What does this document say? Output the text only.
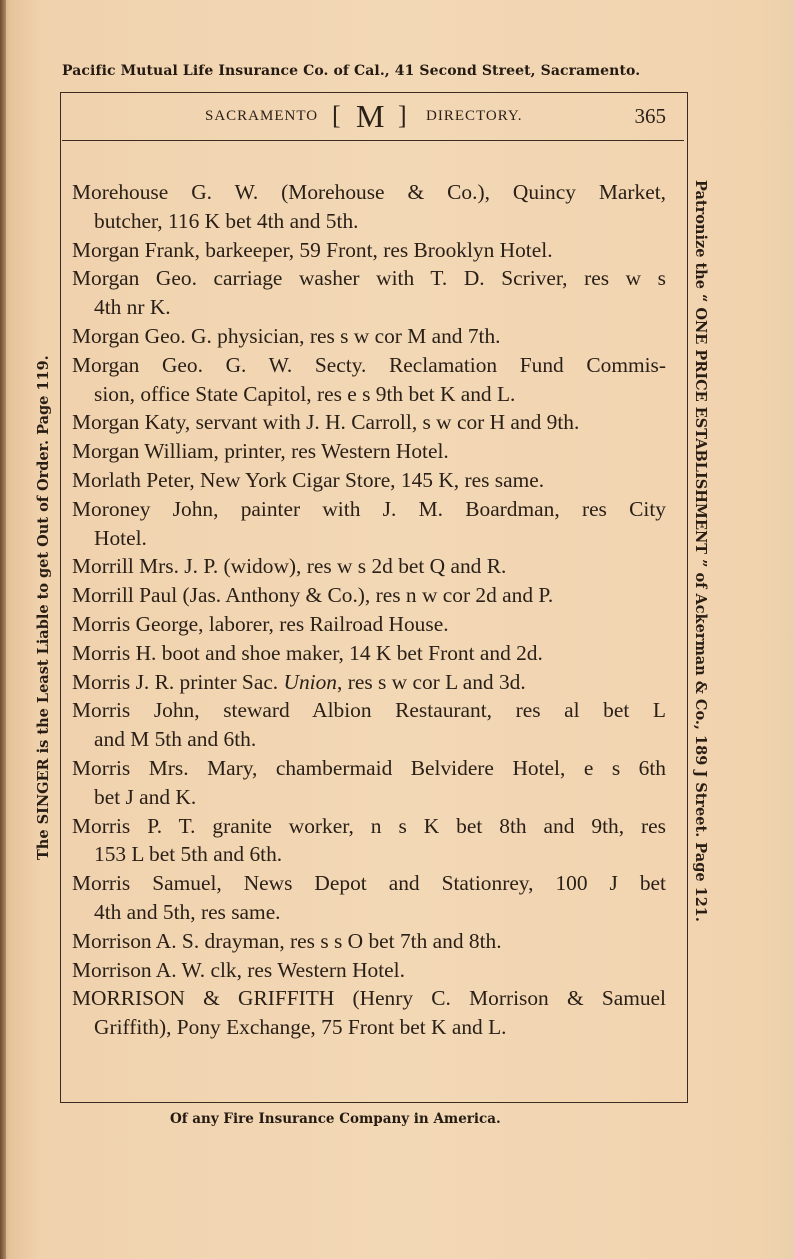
Pacific Mutual Life Insurance Co. of Cal., 41 Second Street, Sacramento.
SACRAMENTO [ M ] DIRECTORY.	365
Morehouse G. W. (Morehouse & Co.), Quincy Market,
butcher, 116 K bet 4th and 5th.
Morgan Frank, barkeeper, 59 Front, res Brooklyn Hotel.
Morgan Geo. carriage washer with T. D. Scriver, res w s
4th nr K.
Morgan Geo. G. physician, res s w cor M and 7th.
Morgan Geo. G. W. Secty. Reclamation Fund Commis-
sion, office State Capitol, res e s 9th bet K and L.
Morgan Katy, servant with J. H. Carroll, s w cor H and 9th.
Morgan William, printer, res Western Hotel.
Morlath Peter, New York Cigar Store, 145 K, res same.
Moroney John, painter with J. M. Boardman, res City
Hotel.
Morrill Mrs. J. P. (widow), res w s 2d bet Q and R.
Morrill Paul (Jas. Anthony & Co.), res n w cor 2d and P.
Morris George, laborer, res Railroad House.
Morris H. boot and shoe maker, 14 K bet Front and 2d.
Morris J. R. printer Sac. Union, res s w cor L and 3d.
Morris John, steward Albion Restaurant, res al bet L
and M 5th and 6th.
Morris Mrs. Mary, chambermaid Belvidere Hotel, e s 6th
bet J and K.
Morris P. T. granite worker, n s K bet 8th and 9th, res
153 L bet 5th and 6th.
Morris Samuel, News Depot and Stationrey, 100 J bet
4th and 5th, res same.
Morrison A. S. drayman, res s s O bet 7th and 8th.
Morrison A. W. clk, res Western Hotel.
MORRISON & GRIFFITH (Henry C. Morrison & Samuel
Griffith), Pony Exchange, 75 Front bet K and L.
Of any Fire Insurance Company in America.
The SINGER is the Least Liable to get Out of Order. Page 119.	Patronize the “ ONE PRICE ESTABLISHMENT ” of Ackerman & Co., 189 J Street. Page 121.
